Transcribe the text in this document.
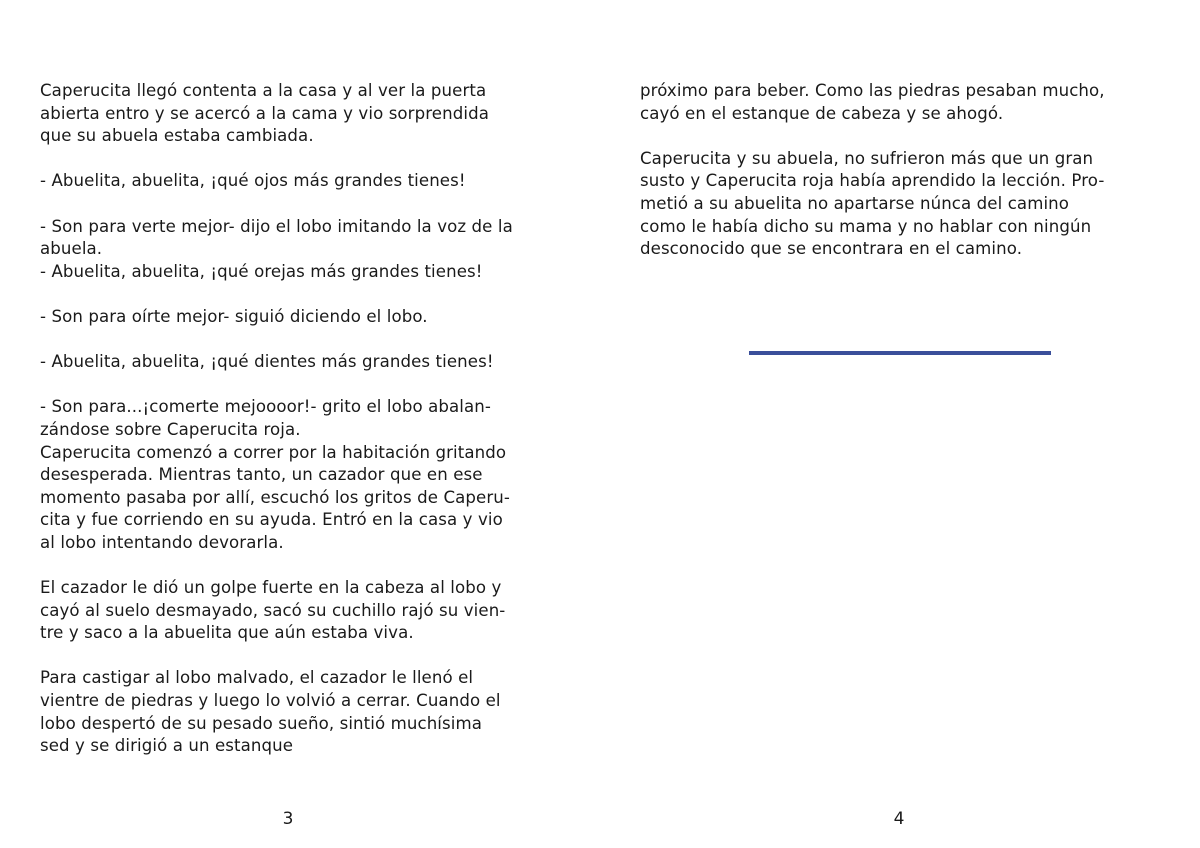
Caperucita llegó contenta a la casa y al ver la puerta
abierta entro y se acercó a la cama y vio sorprendida
que su abuela estaba cambiada.
- Abuelita, abuelita, ¡qué ojos más grandes tienes!
- Son para verte mejor- dijo el lobo imitando la voz de la
abuela.
- Abuelita, abuelita, ¡qué orejas más grandes tienes!
- Son para oírte mejor- siguió diciendo el lobo.
- Abuelita, abuelita, ¡qué dientes más grandes tienes!
- Son para...¡comerte mejoooor!- grito el lobo abalan-
zándose sobre Caperucita roja.
Caperucita comenzó a correr por la habitación gritando
desesperada. Mientras tanto, un cazador que en ese
momento pasaba por allí, escuchó los gritos de Caperu-
cita y fue corriendo en su ayuda. Entró en la casa y vio
al lobo intentando devorarla.
El cazador le dió un golpe fuerte en la cabeza al lobo y
cayó al suelo desmayado, sacó su cuchillo rajó su vien-
tre y saco a la abuelita que aún estaba viva.
Para castigar al lobo malvado, el cazador le llenó el
vientre de piedras y luego lo volvió a cerrar. Cuando el
lobo despertó de su pesado sueño, sintió muchísima
sed y se dirigió a un estanque
3
próximo para beber. Como las piedras pesaban mucho,
cayó en el estanque de cabeza y se ahogó.
Caperucita y su abuela, no sufrieron más que un gran
susto y Caperucita roja había aprendido la lección. Pro-
metió a su abuelita no apartarse núnca del camino
como le había dicho su mama y no hablar con ningún
desconocido que se encontrara en el camino.
4
